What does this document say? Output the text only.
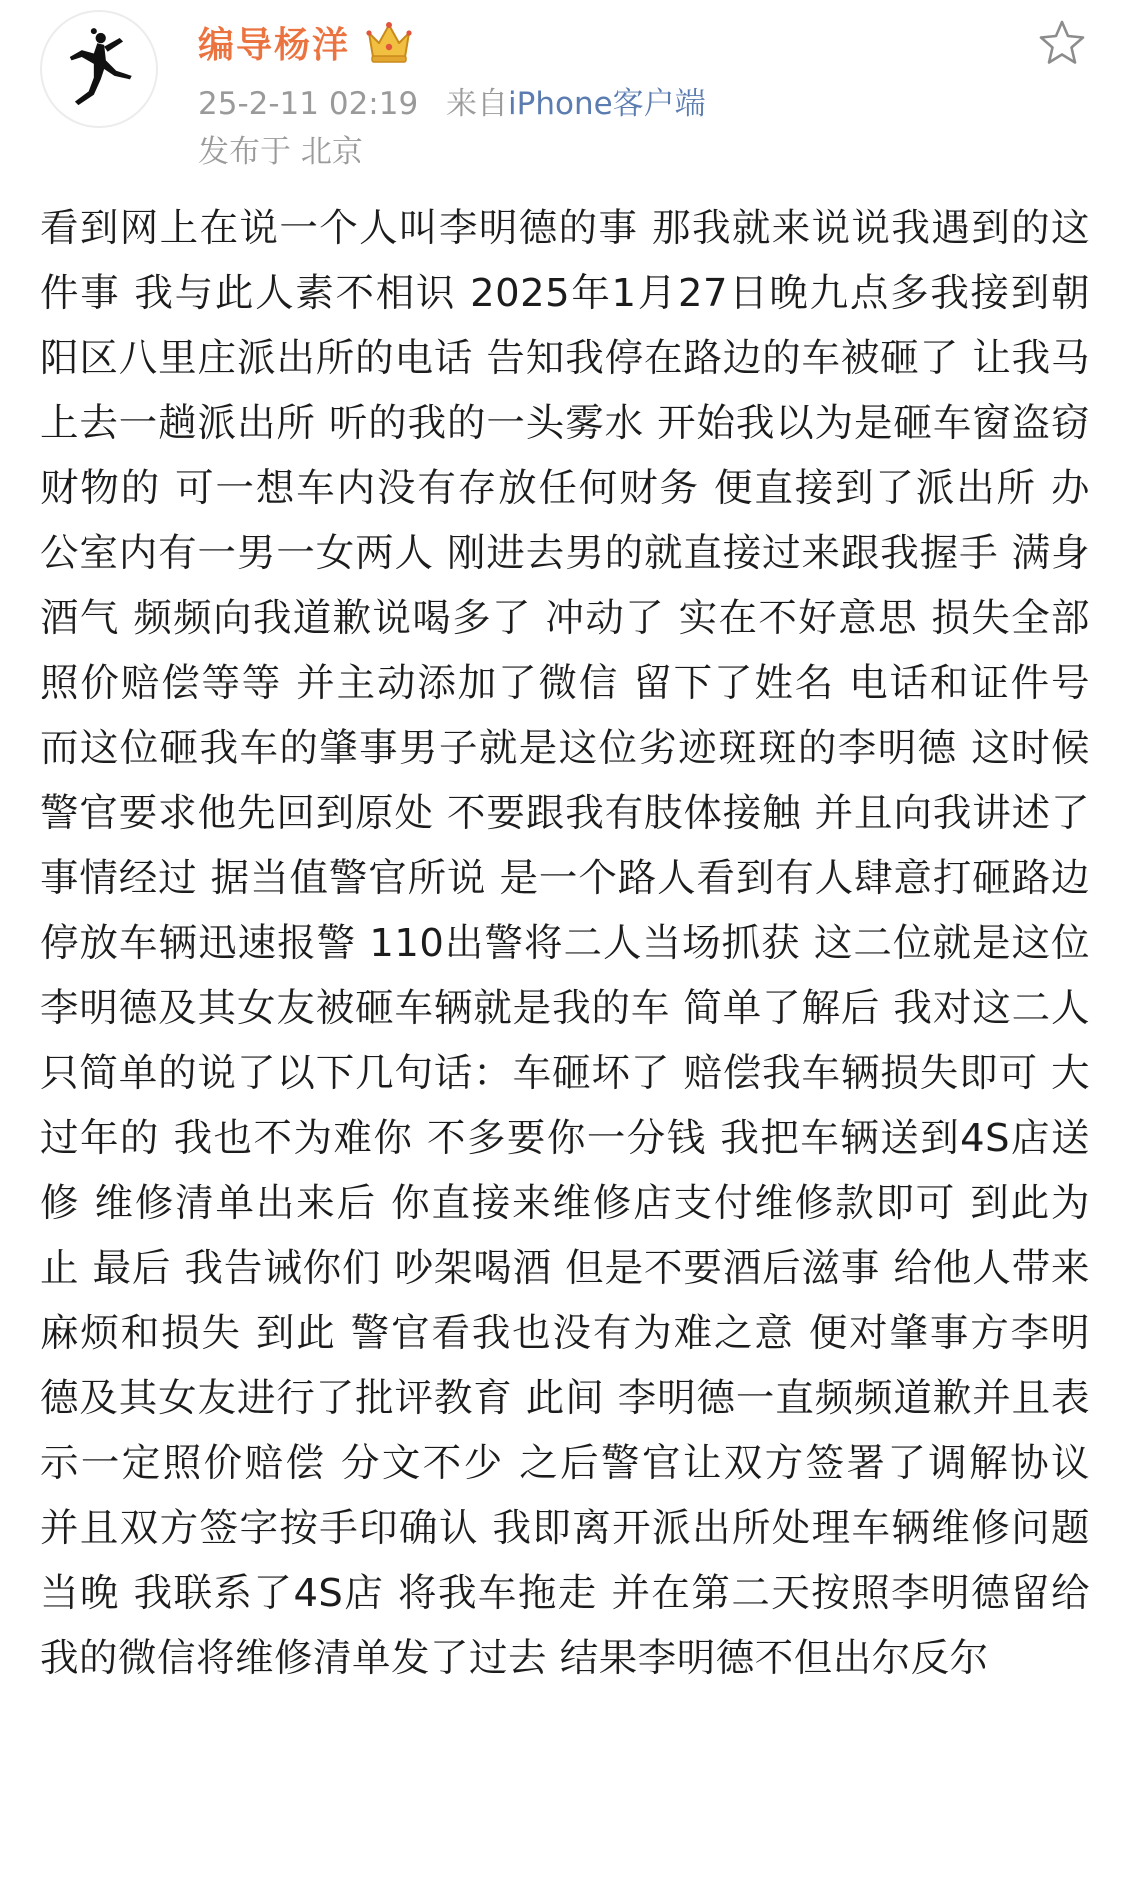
编导杨洋
25-2-11 02:19 来自iPhone客户端
发布于 北京
看到网上在说一个人叫李明德的事 那我就来说说我遇到的这件事 我与此人素不相识 2025年1月27日晚九点多我接到朝阳区八里庄派出所的电话 告知我停在路边的车被砸了 让我马上去一趟派出所 听的我的一头雾水 开始我以为是砸车窗盗窃财物的 可一想车内没有存放任何财务 便直接到了派出所 办公室内有一男一女两人 刚进去男的就直接过来跟我握手 满身酒气 频频向我道歉说喝多了 冲动了 实在不好意思 损失全部照价赔偿等等 并主动添加了微信 留下了姓名 电话和证件号 而这位砸我车的肇事男子就是这位劣迹斑斑的李明德 这时候警官要求他先回到原处 不要跟我有肢体接触 并且向我讲述了事情经过 据当值警官所说 是一个路人看到有人肆意打砸路边停放车辆迅速报警 110出警将二人当场抓获 这二位就是这位李明德及其女友被砸车辆就是我的车 简单了解后 我对这二人只简单的说了以下几句话：车砸坏了 赔偿我车辆损失即可 大过年的 我也不为难你 不多要你一分钱 我把车辆送到4S店送修 维修清单出来后 你直接来维修店支付维修款即可 到此为止 最后 我告诫你们 吵架喝酒 但是不要酒后滋事 给他人带来麻烦和损失 到此 警官看我也没有为难之意 便对肇事方李明德及其女友进行了批评教育 此间 李明德一直频频道歉并且表示一定照价赔偿 分文不少 之后警官让双方签署了调解协议 并且双方签字按手印确认 我即离开派出所处理车辆维修问题 当晚 我联系了4S店 将我车拖走 并在第二天按照李明德留给我的微信将维修清单发了过去 结果李明德不但出尔反尔
